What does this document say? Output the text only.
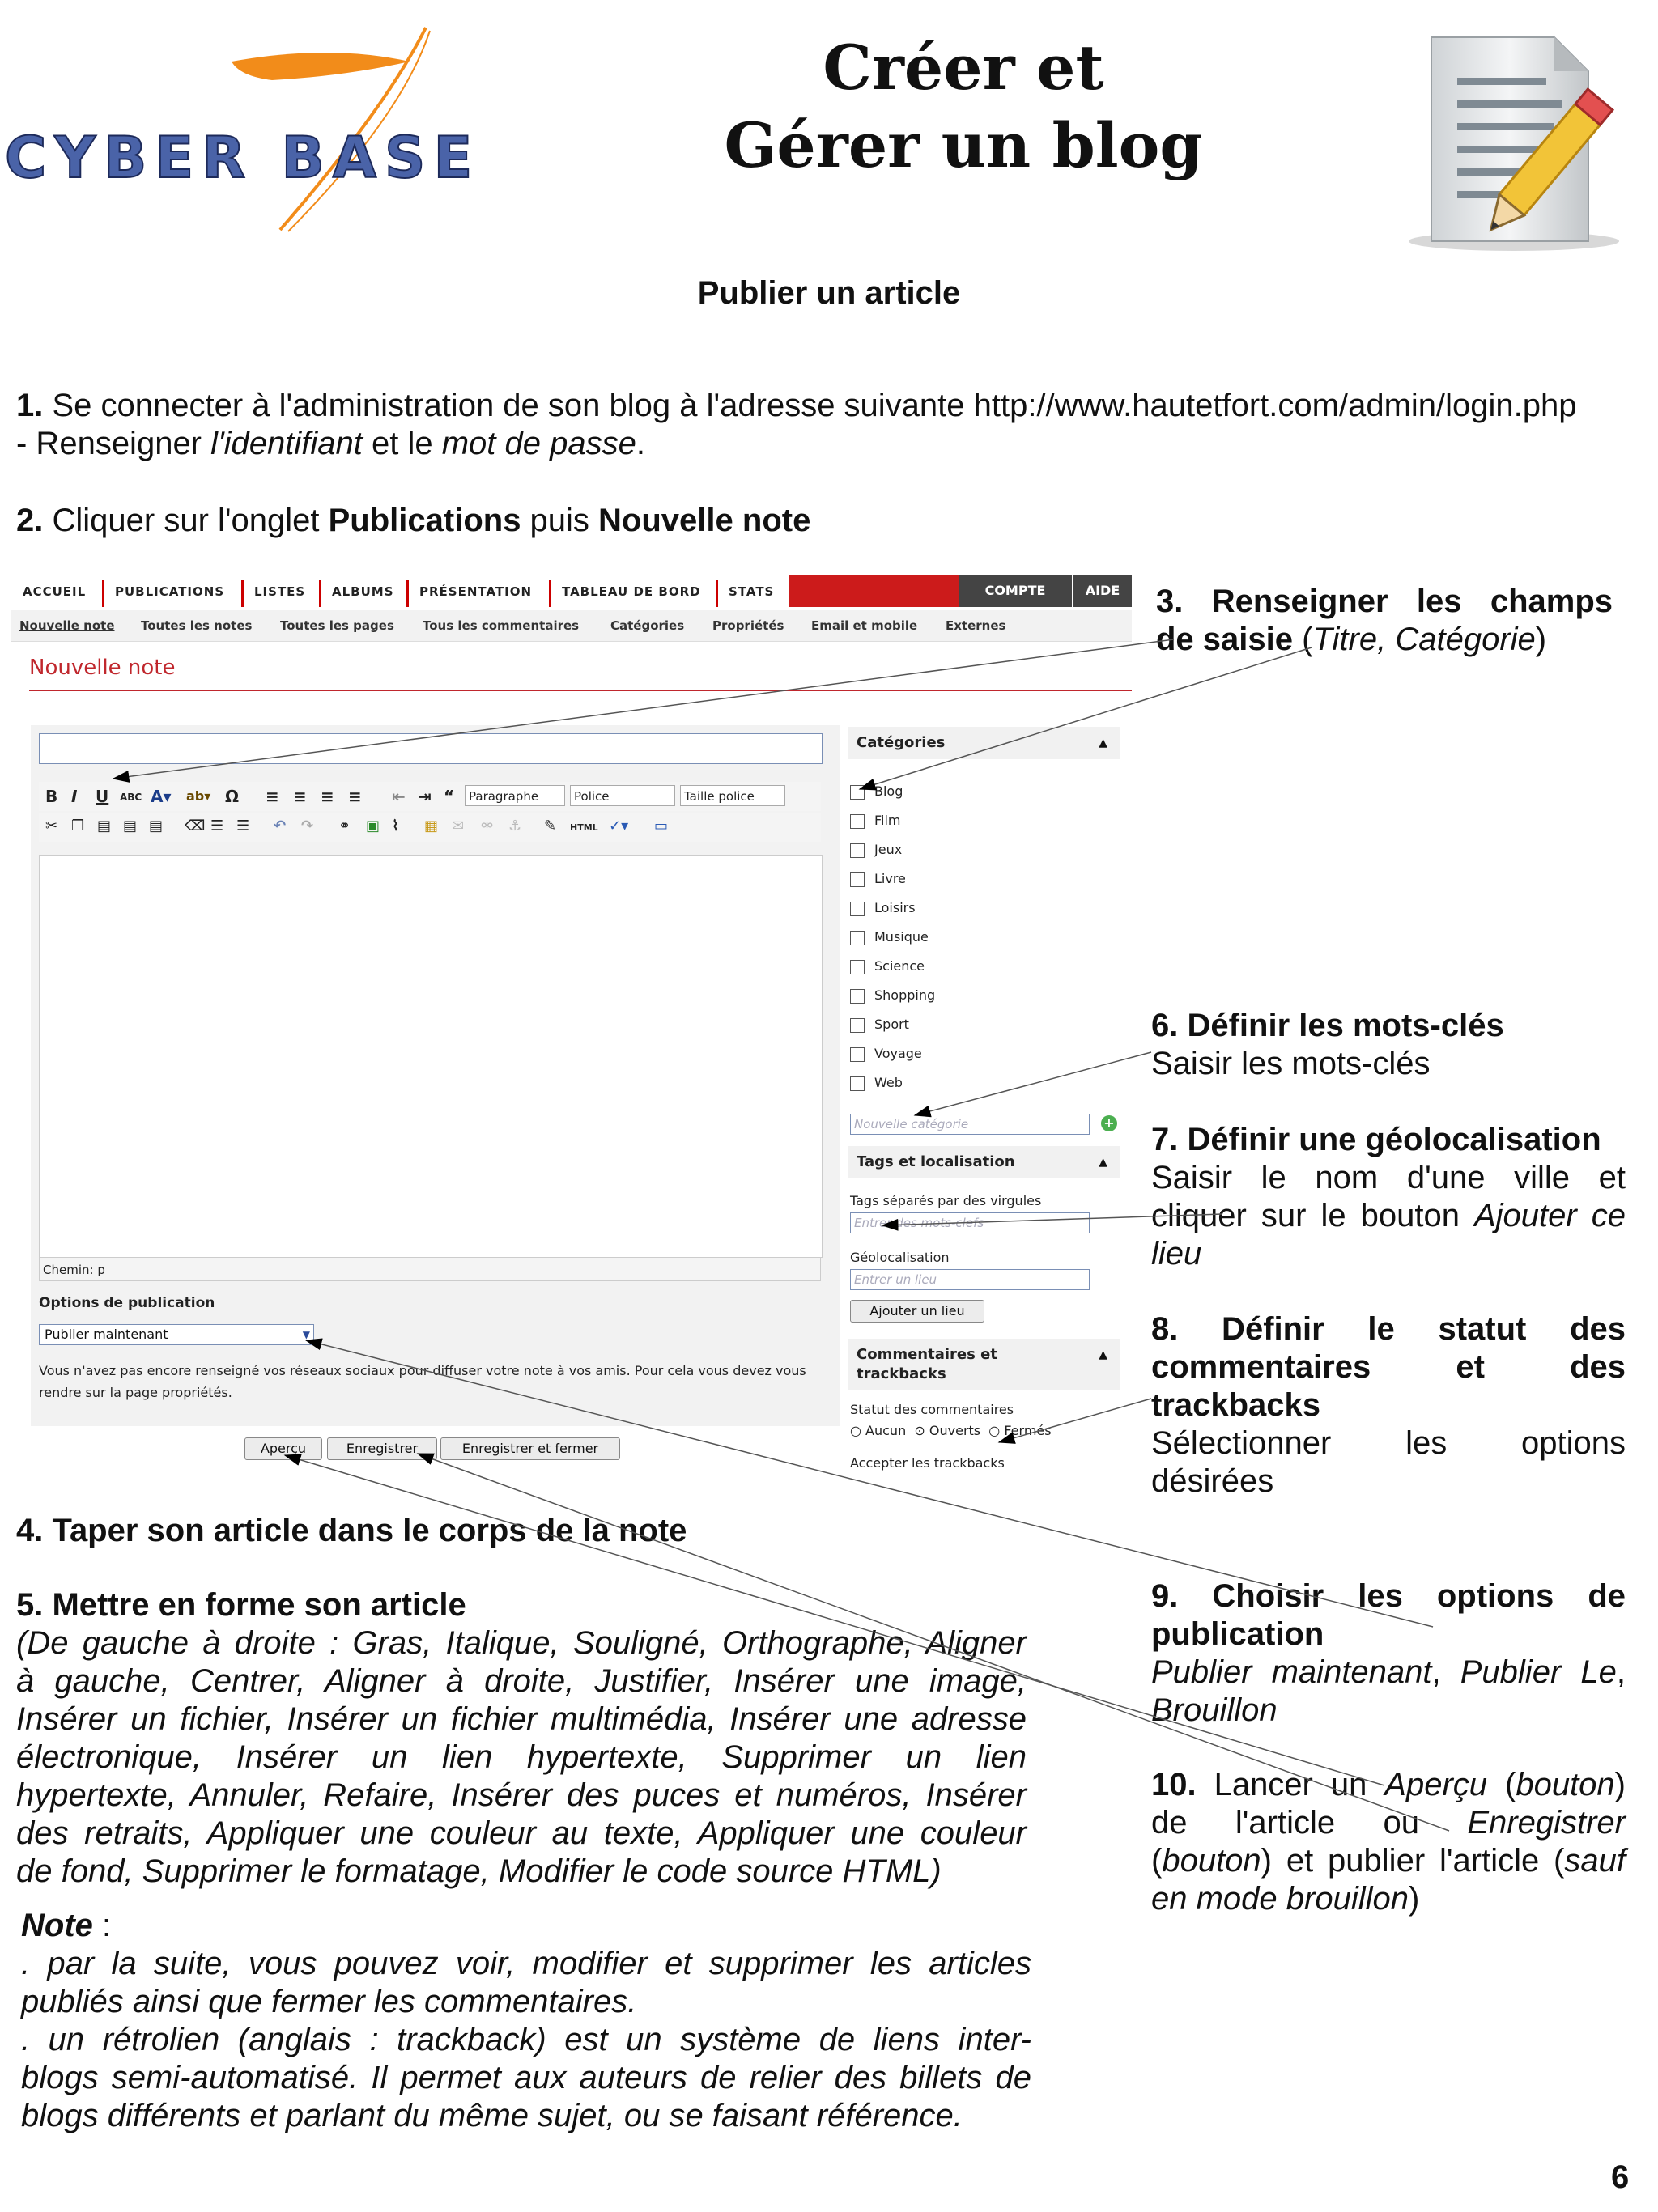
CYBER BASE
Créer et
Gérer un blog
Publier un article
1. Se connecter à l'administration de son blog à l'adresse suivante http://www.hautetfort.com/admin/login.php
- Renseigner l'identifiant et le mot de passe.
2. Cliquer sur l'onglet Publications puis Nouvelle note
ACCUEIL PUBLICATIONS LISTES ALBUMS PRÉSENTATION TABLEAU DE BORD STATS	COMPTE	AIDE
Nouvelle note Toutes les notes Toutes les pages Tous les commentaires	Catégories Propriétés Email et mobile Externes
Nouvelle note
B I U ABC A▾ ab▾ Ω ≡ ≡ ≡ ≡ ⇤ ⇥ “	Paragraphe	Police	Taille police
✂ ❐ ▤ ▤ ▤ ⌫ ☰ ☰ ↶ ↷ ⚭ ▣ ⌇ ▦ ✉ ⚮ ⚓ ✎ HTML ✓▾ ▭
Chemin: p
Options de publication
Publier maintenant	▼
Vous n'avez pas encore renseigné vos réseaux sociaux pour diffuser votre note à vos amis. Pour cela vous devez vous rendre sur la page propriétés.
Aperçu	Enregistrer	Enregistrer et fermer
Catégories	▲
Blog
Film
Jeux
Livre
Loisirs
Musique
Science
Shopping
Sport
Voyage
Web
Nouvelle catégorie	+
Tags et localisation	▲
Tags séparés par des virgules
Entrer des mots-clefs
Géolocalisation
Entrer un lieu
Ajouter un lieu
Commentaires et
trackbacks
▲
Statut des commentaires
○ Aucun ⊙ Ouverts ○ Fermés
Accepter les trackbacks
3. Renseigner les champs
de saisie (Titre, Catégorie)
6. Définir les mots-clés
Saisir les mots-clés
7. Définir une géolocalisation
Saisir le nom d'une ville et
cliquer sur le bouton Ajouter ce
lieu
8. Définir le statut des
commentaires et des
trackbacks
Sélectionner les options
désirées
9. Choisir les options de
publication
Publier maintenant, Publier Le,
Brouillon
10. Lancer un Aperçu (bouton)
de l'article ou Enregistrer
(bouton) et publier l'article (sauf
en mode brouillon)
4. Taper son article dans le corps de la note
5. Mettre en forme son article
(De gauche à droite : Gras, Italique, Souligné, Orthographe, Aligner
à gauche, Centrer, Aligner à droite, Justifier, Insérer une image,
Insérer un fichier, Insérer un fichier multimédia, Insérer une adresse
électronique, Insérer un lien hypertexte, Supprimer un lien
hypertexte, Annuler, Refaire, Insérer des puces et numéros, Insérer
des retraits, Appliquer une couleur au texte, Appliquer une couleur
de fond, Supprimer le formatage, Modifier le code source HTML)
Note :
. par la suite, vous pouvez voir, modifier et supprimer les articles
publiés ainsi que fermer les commentaires.
. un rétrolien (anglais : trackback) est un système de liens inter-
blogs semi-automatisé. Il permet aux auteurs de relier des billets de
blogs différents et parlant du même sujet, ou se faisant référence.
6
